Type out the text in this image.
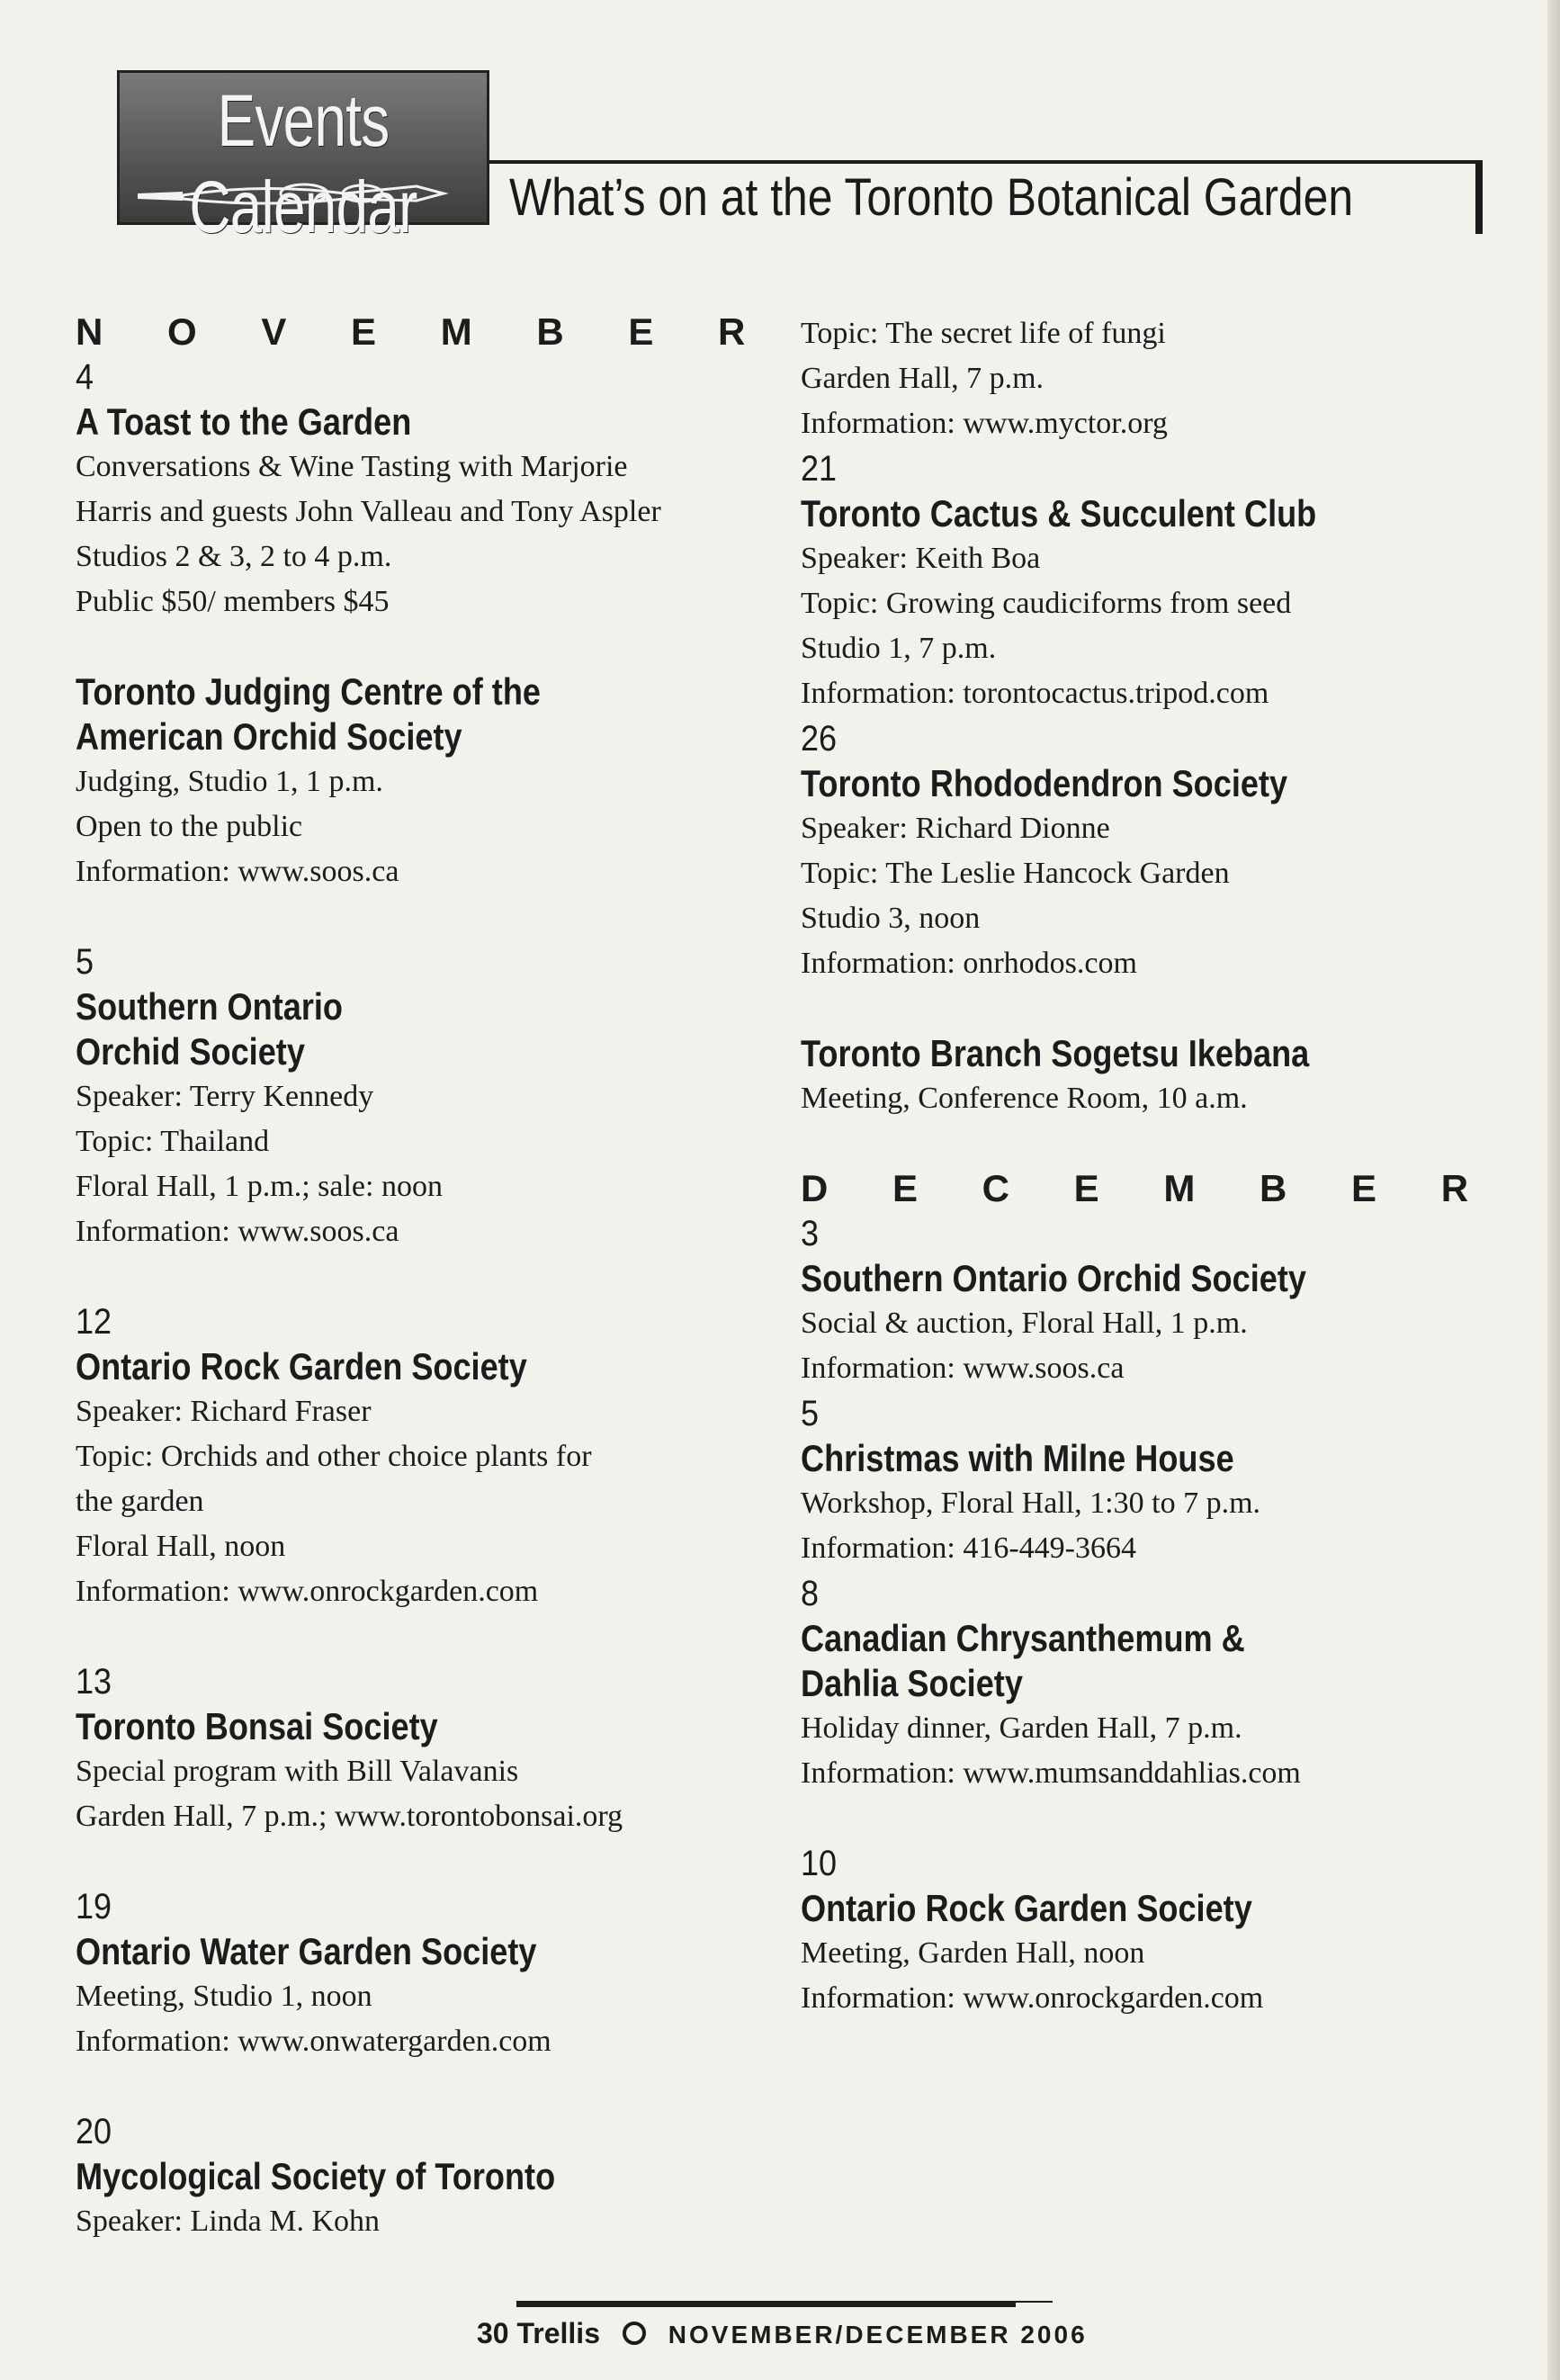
Events Calendar	What’s on at the Toronto Botanical Garden

N O V E M B E R

4

A Toast to the Garden

Conversations & Wine Tasting with Marjorie

Harris and guests John Valleau and Tony Aspler

Studios 2 & 3, 2 to 4 p.m.

Public $50/ members $45

Toronto Judging Centre of the

American Orchid Society

Judging, Studio 1, 1 p.m.

Open to the public

Information: www.soos.ca

5

Southern Ontario

Orchid Society

Speaker: Terry Kennedy

Topic: Thailand

Floral Hall, 1 p.m.; sale: noon

Information: www.soos.ca

12

Ontario Rock Garden Society

Speaker: Richard Fraser

Topic: Orchids and other choice plants for

the garden

Floral Hall, noon

Information: www.onrockgarden.com

13

Toronto Bonsai Society

Special program with Bill Valavanis

Garden Hall, 7 p.m.; www.torontobonsai.org

19

Ontario Water Garden Society

Meeting, Studio 1, noon

Information: www.onwatergarden.com

20

Mycological Society of Toronto

Speaker: Linda M. Kohn

Topic: The secret life of fungi

Garden Hall, 7 p.m.

Information: www.myctor.org

21

Toronto Cactus & Succulent Club

Speaker: Keith Boa

Topic: Growing caudiciforms from seed

Studio 1, 7 p.m.

Information: torontocactus.tripod.com

26

Toronto Rhododendron Society

Speaker: Richard Dionne

Topic: The Leslie Hancock Garden

Studio 3, noon

Information: onrhodos.com

Toronto Branch Sogetsu Ikebana

Meeting, Conference Room, 10 a.m.

D E C E M B E R

3

Southern Ontario Orchid Society

Social & auction, Floral Hall, 1 p.m.

Information: www.soos.ca

5

Christmas with Milne House

Workshop, Floral Hall, 1:30 to 7 p.m.

Information: 416-449-3664

8

Canadian Chrysanthemum &

Dahlia Society

Holiday dinner, Garden Hall, 7 p.m.

Information: www.mumsanddahlias.com

10

Ontario Rock Garden Society

Meeting, Garden Hall, noon

Information: www.onrockgarden.com

30 Trellis	NOVEMBER/DECEMBER 2006
